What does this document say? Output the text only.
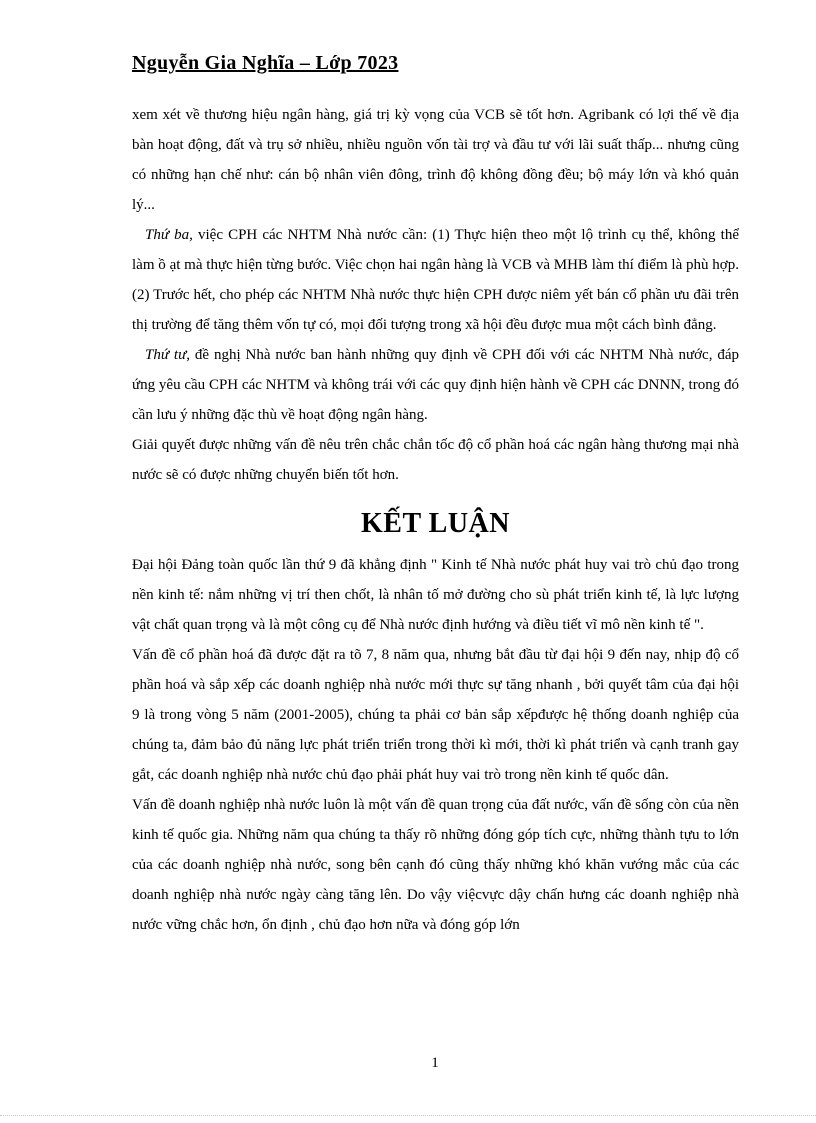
Nguyễn Gia Nghĩa – Lớp 7023

xem xét về thương hiệu ngân hàng, giá trị kỳ vọng của VCB sẽ tốt hơn. Agribank có lợi thế về địa bàn hoạt động, đất và trụ sở nhiều, nhiều nguồn vốn tài trợ và đầu tư với lãi suất thấp... nhưng cũng có những hạn chế như: cán bộ nhân viên đông, trình độ không đồng đều; bộ máy lớn và khó quản lý...

Thứ ba, việc CPH các NHTM Nhà nước cần: (1) Thực hiện theo một lộ trình cụ thể, không thể làm ồ ạt mà thực hiện từng bước. Việc chọn hai ngân hàng là VCB và MHB làm thí điểm là phù hợp. (2) Trước hết, cho phép các NHTM Nhà nước thực hiện CPH được niêm yết bán cổ phần ưu đãi trên thị trường để tăng thêm vốn tự có, mọi đối tượng trong xã hội đều được mua một cách bình đẳng.

Thứ tư, đề nghị Nhà nước ban hành những quy định về CPH đối với các NHTM Nhà nước, đáp ứng yêu cầu CPH các NHTM và không trái với các quy định hiện hành về CPH các DNNN, trong đó cần lưu ý những đặc thù về hoạt động ngân hàng.

Giải quyết được những vấn đề nêu trên chắc chắn tốc độ cổ phần hoá các ngân hàng thương mại nhà nước sẽ có được những chuyển biến tốt hơn.

KẾT LUẬN

Đại hội Đảng toàn quốc lần thứ 9 đã khẳng định " Kinh tế Nhà nước phát huy vai trò chủ đạo trong nền kinh tế: nắm những vị trí then chốt, là nhân tố mở đường cho sù phát triển kinh tế, là lực lượng vật chất quan trọng và là một công cụ để Nhà nước định hướng và điều tiết vĩ mô nền kinh tế ".

Vấn đề cổ phần hoá đã được đặt ra tõ 7, 8 năm qua, nhưng bắt đầu từ đại hội 9 đến nay, nhịp độ cổ phần hoá và sắp xếp các doanh nghiệp nhà nước mới thực sự tăng nhanh , bởi quyết tâm của đại hội 9 là trong vòng 5 năm (2001-2005), chúng ta phải cơ bản sắp xếpđược hệ thống doanh nghiệp của chúng ta, đảm bảo đủ năng lực phát triển triển trong thời kì mới, thời kì phát triển và cạnh tranh gay gắt, các doanh nghiệp nhà nước chủ đạo phải phát huy vai trò trong nền kinh tế quốc dân.

Vấn đề doanh nghiệp nhà nước luôn là một vấn đề quan trọng của đất nước, vấn đề sống còn của nền kinh tế quốc gia. Những năm qua chúng ta thấy rõ những đóng góp tích cực, những thành tựu to lớn của các doanh nghiệp nhà nước, song bên cạnh đó cũng thấy những khó khăn vướng mắc của các doanh nghiệp nhà nước ngày càng tăng lên. Do vậy việcvực dậy chấn hưng các doanh nghiệp nhà nước vững chắc hơn, ổn định , chủ đạo hơn nữa và đóng góp lớn

1
